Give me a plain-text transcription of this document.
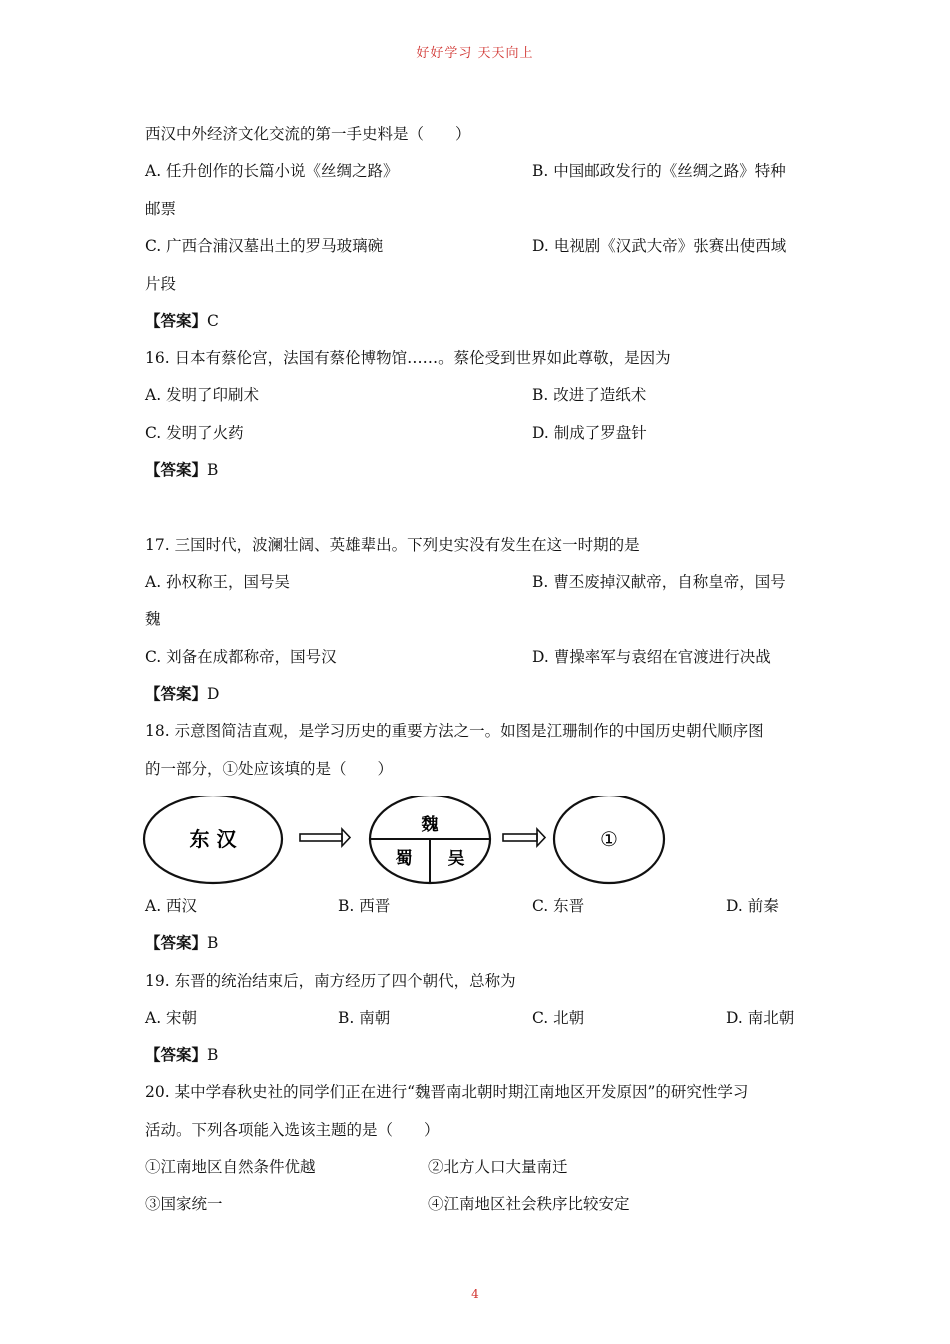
好好学习 天天向上
西汉中外经济文化交流的第一手史料是（　　）
A. 任升创作的长篇小说《丝绸之路》	B. 中国邮政发行的《丝绸之路》特种
邮票
C. 广西合浦汉墓出土的罗马玻璃碗	D. 电视剧《汉武大帝》张赛出使西域
片段
【答案】C
16. 日本有蔡伦宫，法国有蔡伦博物馆……。蔡伦受到世界如此尊敬，是因为
A. 发明了印刷术	B. 改进了造纸术
C. 发明了火药	D. 制成了罗盘针
【答案】B
17. 三国时代，波澜壮阔、英雄辈出。下列史实没有发生在这一时期的是
A. 孙权称王，国号吴	B. 曹丕废掉汉献帝，自称皇帝，国号
魏
C. 刘备在成都称帝，国号汉	D. 曹操率军与袁绍在官渡进行决战
【答案】D
18. 示意图简洁直观，是学习历史的重要方法之一。如图是江珊制作的中国历史朝代顺序图
的一部分，①处应该填的是（　　）
东 汉
魏
蜀 吴
①
A. 西汉	B. 西晋	C. 东晋	D. 前秦
【答案】B
19. 东晋的统治结束后，南方经历了四个朝代，总称为
A. 宋朝	B. 南朝	C. 北朝	D. 南北朝
【答案】B
20. 某中学春秋史社的同学们正在进行“魏晋南北朝时期江南地区开发原因”的研究性学习
活动。下列各项能入选该主题的是（　　）
①江南地区自然条件优越	②北方人口大量南迁
③国家统一	④江南地区社会秩序比较安定
4
